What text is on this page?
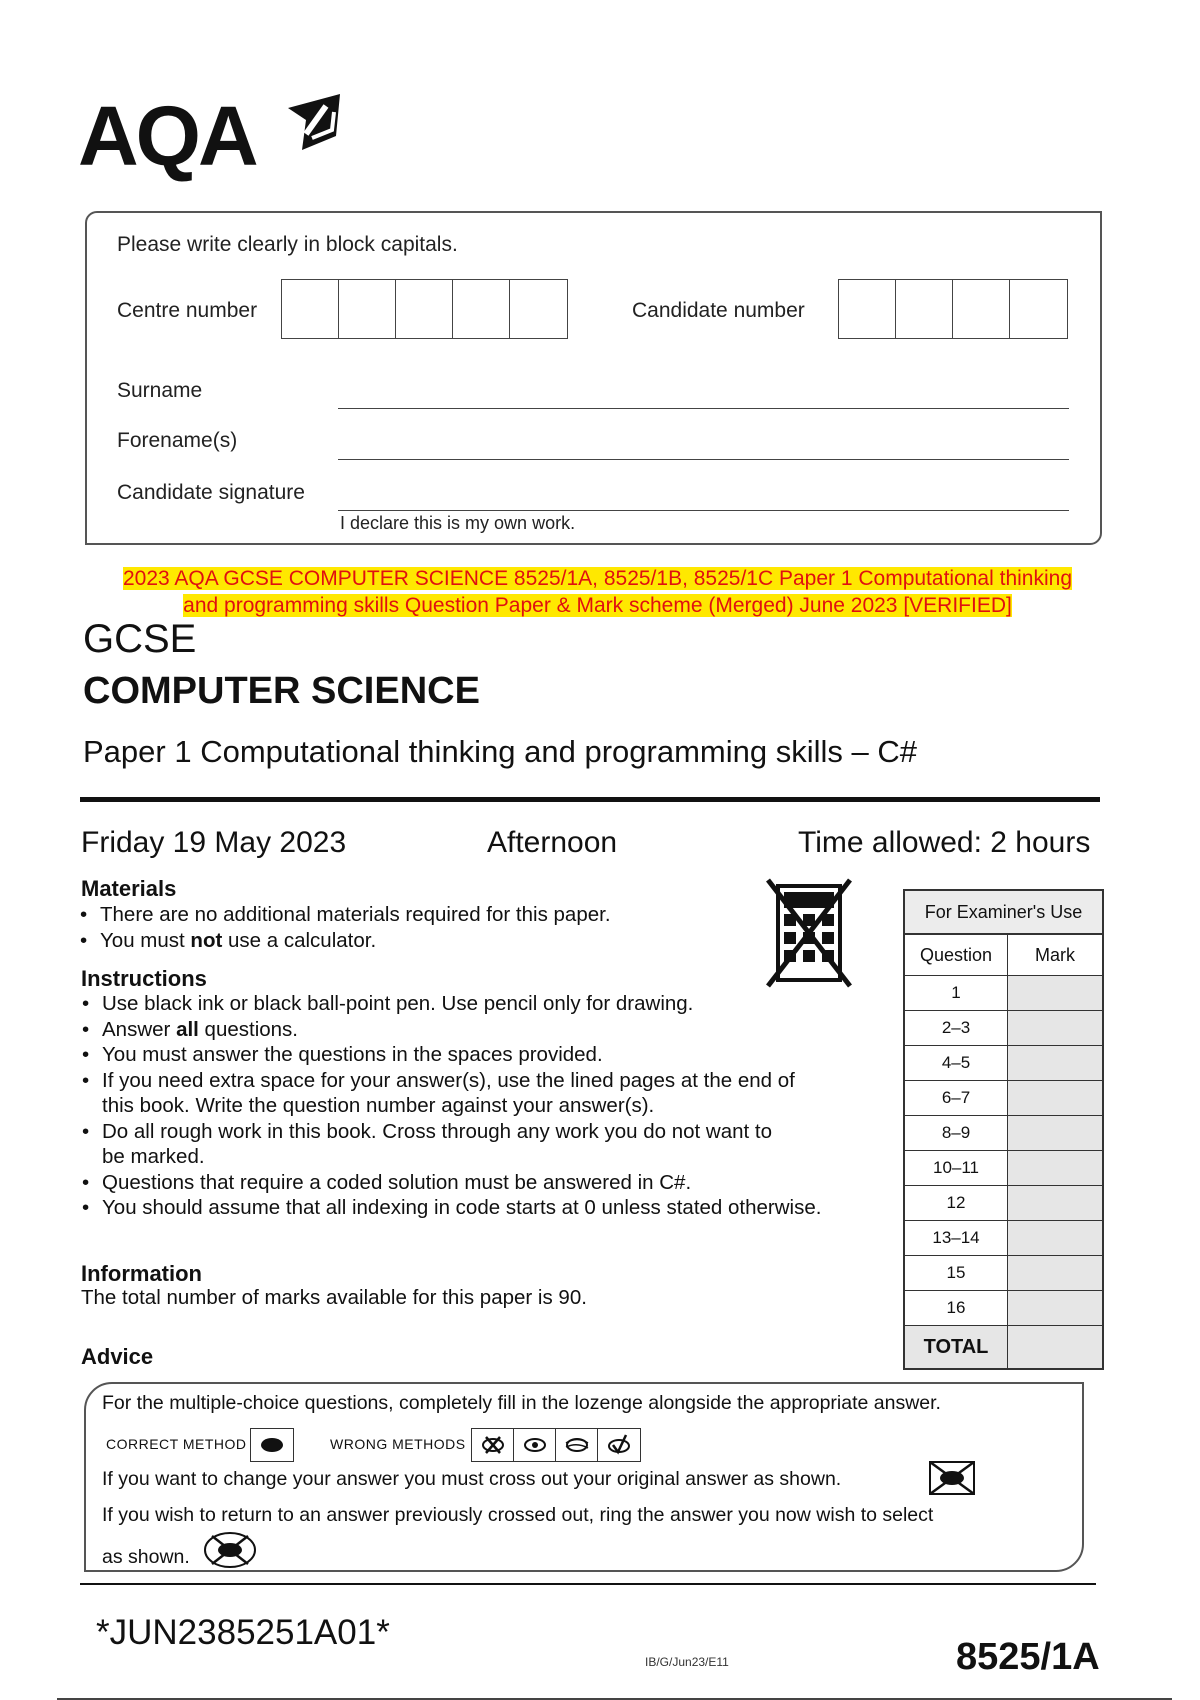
AQA
Please write clearly in block capitals.
Centre number	Candidate number
Surname
Forename(s)
Candidate signature
I declare this is my own work.
2023 AQA GCSE COMPUTER SCIENCE 8525/1A, 8525/1B, 8525/1C Paper 1 Computational thinking
and programming skills Question Paper & Mark scheme (Merged) June 2023 [VERIFIED]
GCSE
COMPUTER SCIENCE
Paper 1 Computational thinking and programming skills – C#
Friday 19 May 2023	Afternoon	Time allowed: 2 hours
Materials
• There are no additional materials required for this paper.
• You must not use a calculator.
Instructions
• Use black ink or black ball-point pen. Use pencil only for drawing.
• Answer all questions.
• You must answer the questions in the spaces provided.
• If you need extra space for your answer(s), use the lined pages at the end of this book. Write the question number against your answer(s).
• Do all rough work in this book. Cross through any work you do not want to be marked.
• Questions that require a coded solution must be answered in C#.
• You should assume that all indexing in code starts at 0 unless stated otherwise.
Information
The total number of marks available for this paper is 90.
For Examiner's Use
Question	Mark
1
2–3
4–5
6–7
8–9
10–11
12
13–14
15
16
TOTAL
Advice
For the multiple-choice questions, completely fill in the lozenge alongside the appropriate answer.
CORRECT METHOD	WRONG METHODS
If you want to change your answer you must cross out your original answer as shown.
If you wish to return to an answer previously crossed out, ring the answer you now wish to select
as shown.
*JUN2385251A01*
IB/G/Jun23/E11	8525/1A
